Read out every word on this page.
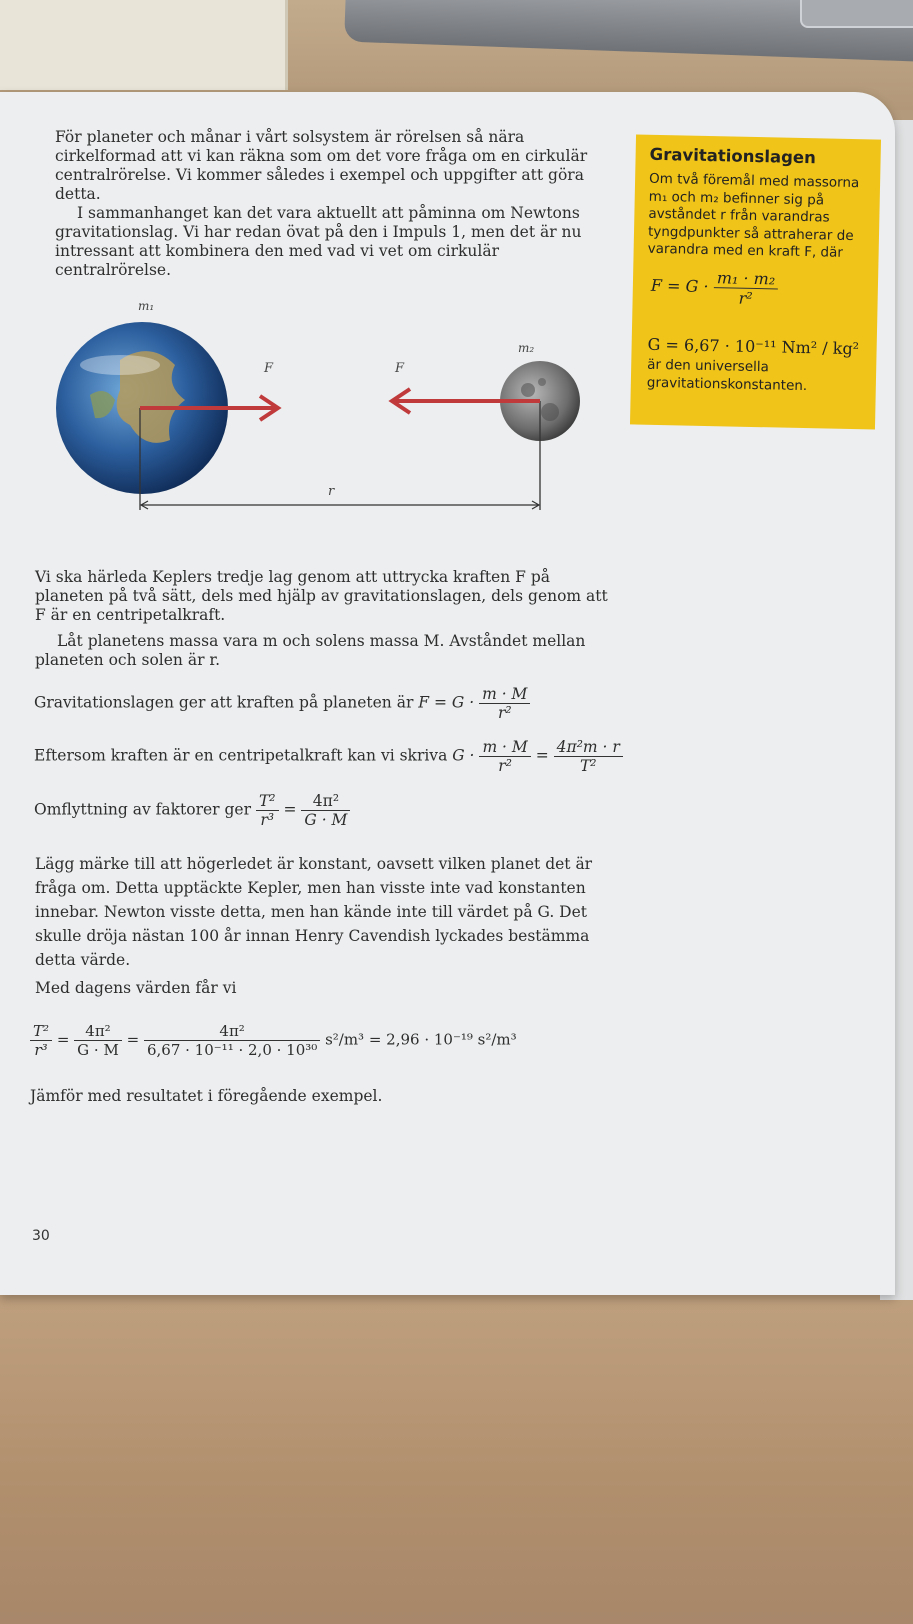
För planeter och månar i vårt solsystem är rörelsen så nära cirkelformad att vi kan räkna som om det vore fråga om en cirkulär centralrörelse. Vi kommer således i exempel och uppgifter att göra detta.

I sammanhanget kan det vara aktuellt att påminna om Newtons gravitationslag. Vi har redan övat på den i Impuls 1, men det är nu intressant att kombinera den med vad vi vet om cirkulär centralrörelse.

Gravitationslagen
Om två föremål med massorna m₁ och m₂ befinner sig på avståndet r från varandras tyngdpunkter så attraherar de varandra med en kraft F, där
$F = G \cdot \frac{\text{m₁ · m₂}}{\text{r²}}$
G = 6,67 · 10⁻¹¹ Nm² / kg²
är den universella gravitationskonstanten.
m₁
m₂
F	F
r

Vi ska härleda Keplers tredje lag genom att uttrycka kraften F på planeten på två sätt, dels med hjälp av gravitationslagen, dels genom att F är en centripetalkraft.

Låt planetens massa vara m och solens massa M. Avståndet mellan planeten och solen är r.

Gravitationslagen ger att kraften på planeten är $F = G \cdot \frac{m \cdot M}{\text{r²}}$
Eftersom kraften är en centripetalkraft kan vi skriva $G \cdot \frac{m \cdot M}{\text{r²}} = \frac{\text{4π²m · r}}{\text{T²}}$
Omflyttning av faktorer ger $\frac{\text{T²}}{\text{r³}} = \frac{\text{4π²}}{G \cdot M}$

Lägg märke till att högerledet är konstant, oavsett vilken planet det är fråga om. Detta upptäckte Kepler, men han visste inte vad konstanten innebar. Newton visste detta, men han kände inte till värdet på G. Det skulle dröja nästan 100 år innan Henry Cavendish lyckades bestämma detta värde.

Med dagens värden får vi

$\frac{\text{T²}}{\text{r³}} = \frac{\text{4π²}}{G \cdot M} = \frac{\text{4π²}}{\text{6,67 · 10⁻¹¹ · 2,0 · 10³⁰}} s^2/m^3 = 2,96 \cdot 10^{-19}$ s²/m³
Jämför med resultatet i föregående exempel.
30
